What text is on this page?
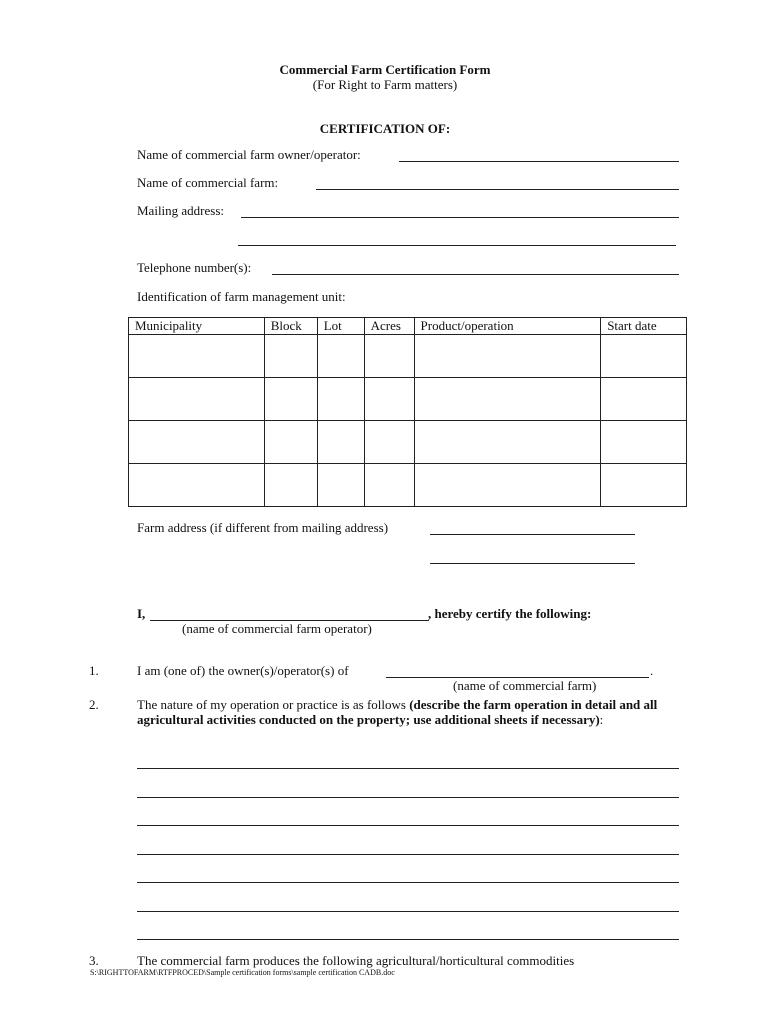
Commercial Farm Certification Form
(For Right to Farm matters)
CERTIFICATION OF:
Name of commercial farm owner/operator:
Name of commercial farm:
Mailing address:
Telephone number(s):
Identification of farm management unit:
Municipality	Block	Lot	Acres	Product/operation	Start date

Farm address (if different from mailing address)
I,	, hereby certify the following:
(name of commercial farm operator)
1.	I am (one of) the owner(s)/operator(s) of	.
(name of commercial farm)
2.	The nature of my operation or practice is as follows (describe the farm operation in detail and all agricultural activities conducted on the property; use additional sheets if necessary):
3.	The commercial farm produces the following agricultural/horticultural commodities
S:\RIGHTTOFARM\RTFPROCED\Sample certification forms\sample certification CADB.doc
